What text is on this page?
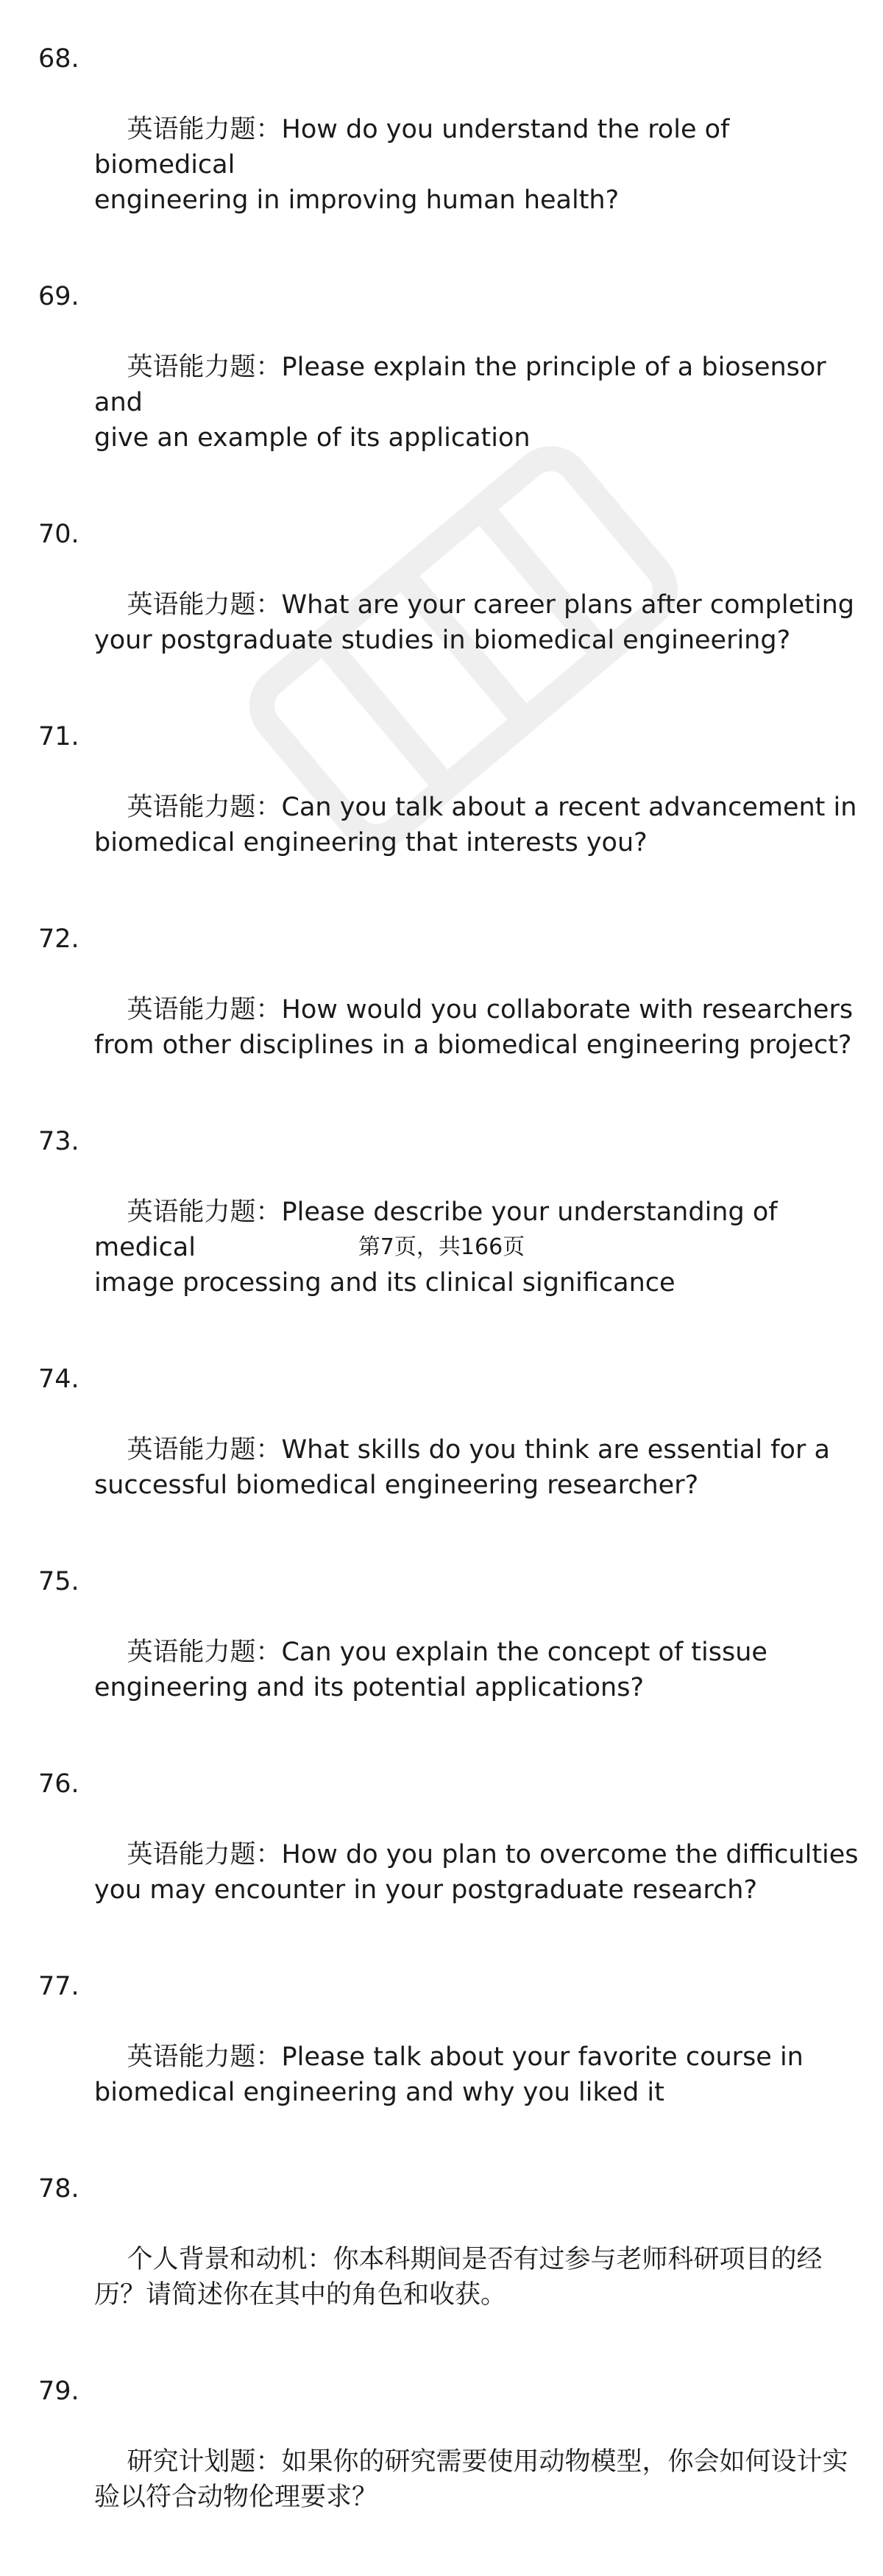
68.

英语能力题：How do you understand the role of biomedical
engineering in improving human health?

69.

英语能力题：Please explain the principle of a biosensor and
give an example of its application

70.

英语能力题：What are your career plans after completing
your postgraduate studies in biomedical engineering?

71.

英语能力题：Can you talk about a recent advancement in
biomedical engineering that interests you?

72.

英语能力题：How would you collaborate with researchers
from other disciplines in a biomedical engineering project?

73.

英语能力题：Please describe your understanding of medical
image processing and its clinical significance

74.

英语能力题：What skills do you think are essential for a
successful biomedical engineering researcher?

75.

英语能力题：Can you explain the concept of tissue
engineering and its potential applications?

76.

英语能力题：How do you plan to overcome the difficulties
you may encounter in your postgraduate research?

77.

英语能力题：Please talk about your favorite course in
biomedical engineering and why you liked it

78.

个人背景和动机：你本科期间是否有过参与老师科研项目的经
历？请简述你在其中的角色和收获。

79.

研究计划题：如果你的研究需要使用动物模型，你会如何设计实
验以符合动物伦理要求？

第7页，共166页
